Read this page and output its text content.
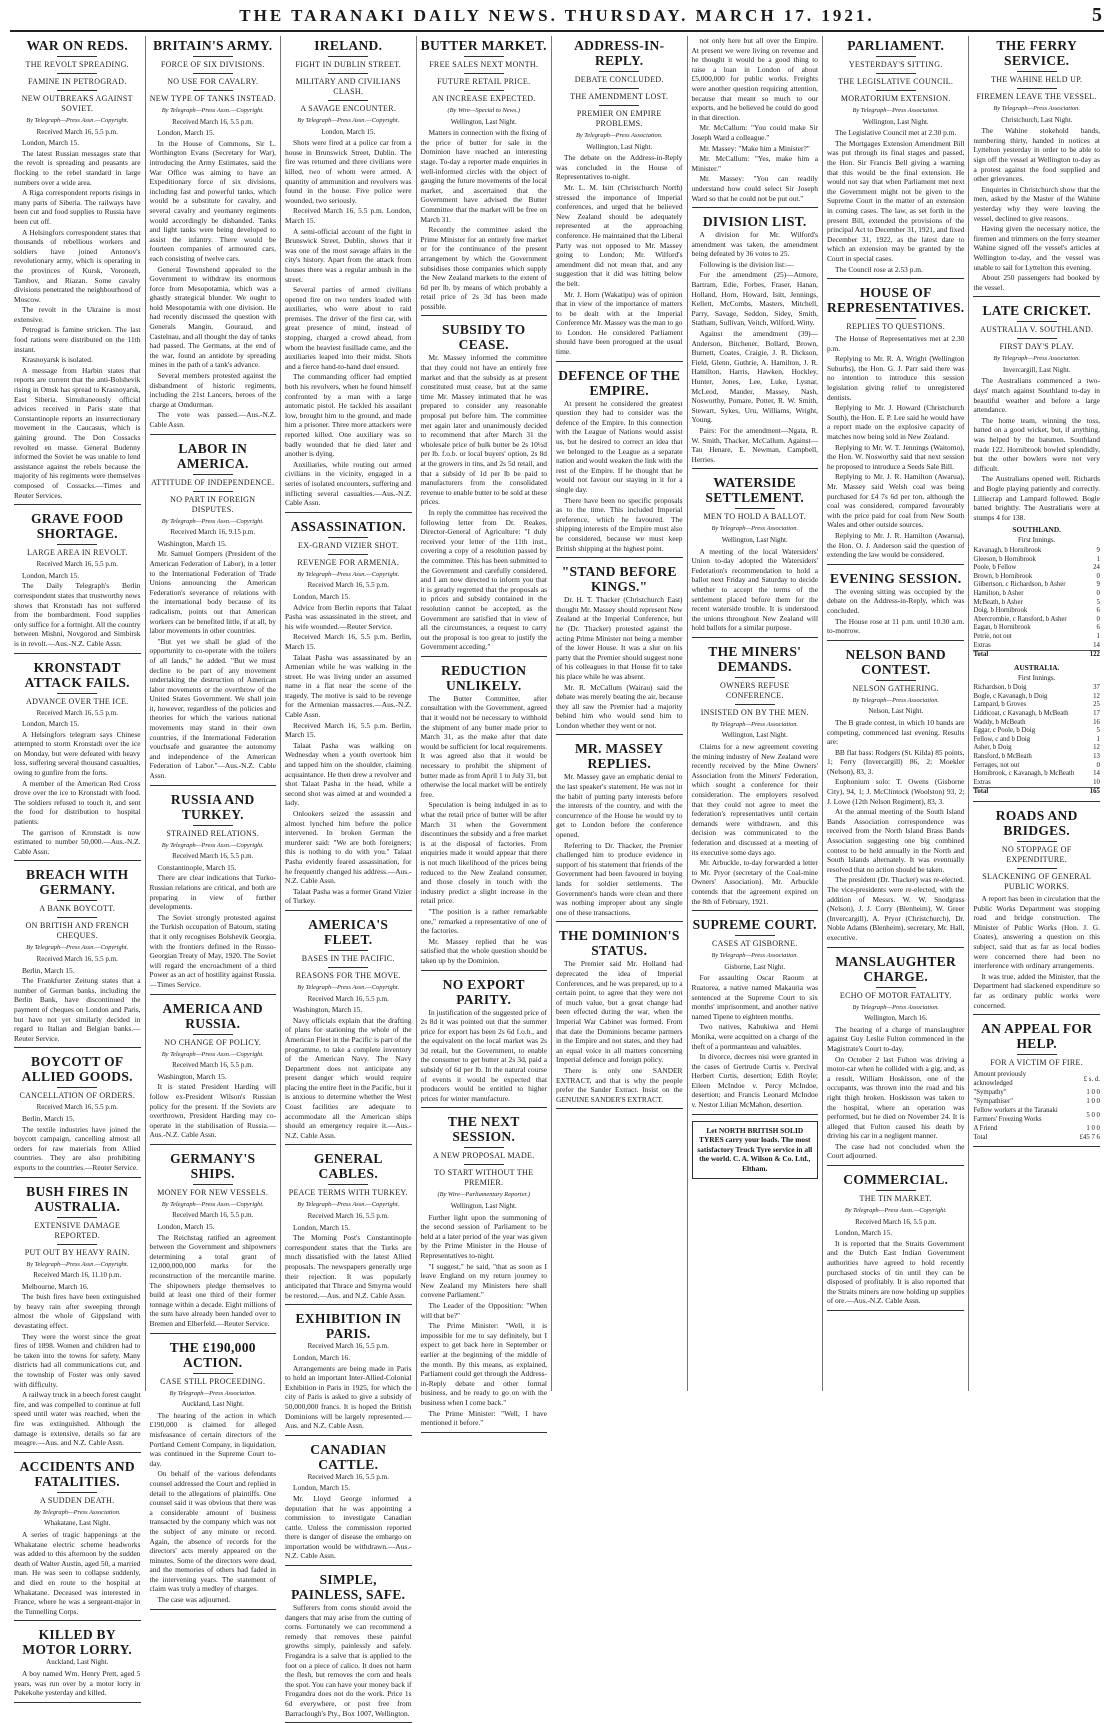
THE TARANAKI DAILY NEWS. THURSDAY. MARCH 17. 1921.	5
WAR ON REDS.
THE REVOLT SPREADING.
FAMINE IN PETROGRAD.
NEW OUTBREAKS AGAINST SOVIET.
By Telegraph—Press Assn.—Copyright.
Received March 16, 5.5 p.m.

London, March 15.

The latest Russian messages state that the revolt is spreading and peasants are flocking to the rebel standard in large numbers over a wide area.

A Riga correspondent reports risings in many parts of Siberia. The railways have been cut and food supplies to Russia have been cut off.

A Helsingfors correspondent states that thousands of rebellious workers and soldiers have joined Antonov's revolutionary army, which is operating in the provinces of Kursk, Voronezh, Tambov, and Riazan. Some cavalry divisions penetrated the neighbourhood of Moscow.

The revolt in the Ukraine is most extensive.

Petrograd is famine stricken. The last food rations were distributed on the 11th instant.

Krasnoyarsk is isolated.

A message from Harbin states that reports are current that the anti-Bolshevik rising in Omsk has spread to Krasnoyarsk, East Siberia. Simultaneously official advices received in Paris state that Constantinople reports an insurrectionary movement in the Caucasus, which is gaining ground. The Don Cossacks revolted en masse. General Budenny informed the Soviet he was unable to lend assistance against the rebels because the majority of his regiments were themselves composed of Cossacks.—Times and Reuter Services.

GRAVE FOOD SHORTAGE.
LARGE AREA IN REVOLT.
Received March 16, 5.5 p.m.

London, March 15.

The Daily Telegraph's Berlin correspondent states that trustworthy news shows that Kronstadt has not suffered from the bombardment. Food supplies only suffice for a fortnight. All the country between Mishni, Novgorod and Simbirsk is in revolt.—Aus.-N.Z. Cable Assn.

KRONSTADT ATTACK FAILS.
ADVANCE OVER THE ICE.
Received March 16, 5.5 p.m.

London, March 15.

A Helsingfors telegram says Chinese attempted to storm Kronstadt over the ice on Monday, but were defeated with heavy loss, suffering several thousand casualties, owing to gunfire from the forts.

A member of the American Red Cross drove over the ice to Kronstadt with food. The soldiers refused to touch it, and sent the food for distribution to hospital patients.

The garrison of Kronstadt is now estimated to number 50,000.—Aus.-N.Z. Cable Assn.

BREACH WITH GERMANY.
A BANK BOYCOTT.
ON BRITISH AND FRENCH CHEQUES.
By Telegraph—Press Assn.—Copyright.
Received March 16, 5.5 p.m.

Berlin, March 15.

The Frankfurter Zeitung states that a number of German banks, including the Berlin Bank, have discontinued the payment of cheques on London and Paris, but have not yet similarly decided in regard to Italian and Belgian banks.—Reuter Service.

BOYCOTT OF ALLIED GOODS.
CANCELLATION OF ORDERS.
Received March 16, 5.5 p.m.

Berlin, March 15.

The textile industries have joined the boycott campaign, cancelling almost all orders for raw materials from Allied countries. They are also prohibiting exports to the countries.—Reuter Service.

BUSH FIRES IN AUSTRALIA.
EXTENSIVE DAMAGE REPORTED.
PUT OUT BY HEAVY RAIN.
By Telegraph—Press Assn.—Copyright.
Received March 16, 11.10 p.m.

Melbourne, March 16.

The bush fires have been extinguished by heavy rain after sweeping through almost the whole of Gippsland with devastating effect.

They were the worst since the great fires of 1898. Women and children had to be taken into the towns for safety. Many districts had all communications cut, and the township of Foster was only saved with difficulty.

A railway truck in a beech forest caught fire, and was compelled to continue at full speed until water was reached, when the fire was extinguished. Although the damage is extensive, details so far are meagre.—Aus. and N.Z. Cable Assn.

ACCIDENTS AND FATALITIES.
A SUDDEN DEATH.
By Telegraph—Press Association.
Whakatane, Last Night.

A series of tragic happenings at the Whakatane electric scheme headworks was added to this afternoon by the sudden death of Walter Austin, aged 50, a married man. He was seen to collapse suddenly, and died en route to the hospital at Whakatane. Deceased was interested in France, where he was a sergeant-major in the Tunnelling Corps.

KILLED BY MOTOR LORRY.
Auckland, Last Night.

A boy named Wm. Henry Prett, aged 5 years, was run over by a motor lorry in Pukekohe yesterday and killed.

BRITAIN'S ARMY.
FORCE OF SIX DIVISIONS.
NO USE FOR CAVALRY.
NEW TYPE OF TANKS INSTEAD.
By Telegraph—Press Assn.—Copyright.
Received March 16, 5.5 p.m.

London, March 15.

In the House of Commons, Sir L. Worthington Evans (Secretary for War), introducing the Army Estimates, said the War Office was aiming to have an Expeditionary force of six divisions, including fast and powerful tanks, which would be a substitute for cavalry, and several cavalry and yeomanry regiments would accordingly be disbanded. Tanks and light tanks were being developed to assist the infantry. There would be fourteen companies of armoured cars, each consisting of twelve cars.

General Townshend appealed to the Government to withdraw its enormous force from Mesopotamia, which was a ghastly strategical blunder. We ought to hold Mesopotamia with one division. He had recently discussed the question with Generals Mangin, Gouraud, and Castelnau, and all thought the day of tanks had passed. The Germans, at the end of the war, found an antidote by spreading mines in the path of a tank's advance.

Several members protested against the disbandment of historic regiments, including the 21st Lancers, heroes of the charge at Omdurman.

The vote was passed.—Aus.-N.Z. Cable Assn.

LABOR IN AMERICA.
ATTITUDE OF INDEPENDENCE.
NO PART IN FOREIGN DISPUTES.
By Telegraph—Press Assn.—Copyright.
Received March 16, 9.15 p.m.

Washington, March 15.

Mr. Samuel Gompers (President of the American Federation of Labor), in a letter to the International Federation of Trade Unions announcing the American Federation's severance of relations with the international body because of its radicalism, points out that American workers can be benefited little, if at all, by labor movements in other countries.

"But yet we shall be glad of the opportunity to co-operate with the toilers of all lands," he added. "But we must decline to be part of any movement undertaking the destruction of American labor movements or the overthrow of the United States Government. We shall join it, however, regardless of the policies and theories for which the various national movements may stand in their own countries, if the International Federation vouchsafe and guarantee the autonomy and independence of the American Federation of Labor."—Aus.-N.Z. Cable Assn.

RUSSIA AND TURKEY.
STRAINED RELATIONS.
By Telegraph—Press Assn.—Copyright.
Received March 16, 5.5 p.m.

Constantinople, March 15.

There are clear indications that Turko-Russian relations are critical, and both are preparing in view of further developments.

The Soviet strongly protested against the Turkish occupation of Batoum, stating that it only recognises Bolshevik Georgia, with the frontiers defined in the Russo-Georgian Treaty of May, 1920. The Soviet will regard the encroachment of a third Power as an act of hostility against Russia.—Times Service.

AMERICA AND RUSSIA.
NO CHANGE OF POLICY.
By Telegraph—Press Assn.—Copyright.
Received March 16, 5.5 p.m.

Washington, March 15.

It is stated President Harding will follow ex-President Wilson's Russian policy for the present. If the Soviets are overthrown, President Harding may co-operate in the stabilisation of Russia.—Aus.-N.Z. Cable Assn.

GERMANY'S SHIPS.
MONEY FOR NEW VESSELS.
By Telegraph—Press Assn.—Copyright.
Received March 16, 5.5 p.m.

London, March 15.

The Reichstag ratified an agreement between the Government and shipowners determining a total grant of 12,000,000,000 marks for the reconstruction of the mercantile marine. The shipowners pledge themselves to build at least one third of their former tonnage within a decade. Eight millions of the sum have already been handed over to Bremen and Elberfeld.—Reuter Service.

THE £190,000 ACTION.
CASE STILL PROCEEDING.
By Telegraph—Press Association.
Auckland, Last Night.

The hearing of the action in which £190,000 is claimed for alleged misfeasance of certain directors of the Portland Cement Company, in liquidation, was continued in the Supreme Court to-day.

On behalf of the various defendants counsel addressed the Court and replied in detail to the allegations of plaintiffs. One counsel said it was obvious that there was a considerable amount of business transacted by the company which was not the subject of any minute or record. Again, the absence of records for the directors' acts merely appeared on the minutes. Some of the directors were dead, and the memories of others had faded in the intervening years. The statement of claim was truly a medley of charges.

The case was adjourned.

IRELAND.
FIGHT IN DUBLIN STREET.
MILITARY AND CIVILIANS CLASH.
A SAVAGE ENCOUNTER.
By Telegraph—Press Assn.—Copyright.
London, March 15.

Shots were fired at a police car from a house in Brunswick Street, Dublin. The fire was returned and three civilians were killed, two of whom were armed. A quantity of ammunition and revolvers was found in the house. Five police were wounded, two seriously.

Received March 16, 5.5 p.m. London, March 15.

A semi-official account of the fight in Brunswick Street, Dublin, shows that it was one of the most savage affairs in the city's history. Apart from the attack from houses there was a regular ambush in the street.

Several parties of armed civilians opened fire on two tenders loaded with auxiliaries, who were about to raid premises. The driver of the first car, with great presence of mind, instead of stopping, charged a crowd ahead, from whom the heaviest fusillade came, and the auxiliaries leaped into their midst. Shots and a fierce hand-to-hand duel ensued.

The commanding officer had emptied both his revolvers, when he found himself confronted by a man with a large automatic pistol. He tackled his assailant low, brought him to the ground, and made him a prisoner. Three more attackers were reported killed. One auxiliary was so badly wounded that he died later and another is dying.

Auxiliaries, while routing out armed civilians in the vicinity, engaged in a series of isolated encounters, suffering and inflicting several casualties.—Aus.-N.Z. Cable Assn.

ASSASSINATION.
EX-GRAND VIZIER SHOT.
REVENGE FOR ARMENIA.
By Telegraph—Press Assn.—Copyright.
Received March 16, 5.5 p.m.

London, March 15.

Advice from Berlin reports that Talaat Pasha was assassinated in the street, and his wife wounded.—Reuter Service.

Received March 16, 5.5 p.m. Berlin, March 15.

Talaat Pasha was assassinated by an Armenian while he was walking in the street. He was living under an assumed name in a flat near the scene of the tragedy. The motive is said to be revenge for the Armenian massacres.—Aus.-N.Z. Cable Assn.

Received March 16, 5.5 p.m. Berlin, March 15.

Talaat Pasha was walking on Wednesday when a youth overtook him and tapped him on the shoulder, claiming acquaintance. He then drew a revolver and shot Talaat Pasha in the head, while a second shot was aimed at and wounded a lady.

Onlookers seized the assassin and almost lynched him before the police intervened. In broken German the murderer said: "We are both foreigners; this is nothing to do with you." Talaat Pasha evidently feared assassination, for he frequently changed his address.—Aus.-N.Z. Cable Assn.

Talaat Pasha was a former Grand Vizier of Turkey.

AMERICA'S FLEET.
BASES IN THE PACIFIC.
REASONS FOR THE MOVE.
By Telegraph—Press Assn.—Copyright.
Received March 16, 5.5 p.m.

Washington, March 15.

Navy officials explain that the drafting of plans for stationing the whole of the American Fleet in the Pacific is part of the programme, to take a complete inventory of the American Navy. The Navy Department does not anticipate any present danger which would require placing the entire fleet in the Pacific, but it is anxious to determine whether the West Coast facilities are adequate to accommodate all the American ships should an emergency require it.—Aus.-N.Z. Cable Assn.

GENERAL CABLES.
PEACE TERMS WITH TURKEY.
By Telegraph—Press Assn.—Copyright.
Received March 16, 5.5 p.m.

London, March 15.

The Morning Post's Constantinople correspondent states that the Turks are much dissatisfied with the latest Allied proposals. The newspapers generally urge their rejection. It was popularly anticipated that Thrace and Smyrna would be restored.—Aus. and N.Z. Cable Assn.

EXHIBITION IN PARIS.
Received March 16, 5.5 p.m.

London, March 16.

Arrangements are being made in Paris to hold an important Inter-Allied-Colonial Exhibition in Paris in 1925, for which the city of Paris is asked to give a subsidy of 50,000,000 francs. It is hoped the British Dominions will be largely represented.—Aus. and N.Z. Cable Assn.

CANADIAN CATTLE.
Received March 16, 5.5 p.m.

London, March 15.

Mr. Lloyd George informed a deputation that he was appointing a commission to investigate Canadian cattle. Unless the commission reported there is danger of disease the embargo on importation would be withdrawn.—Aus.-N.Z. Cable Assn.

SIMPLE, PAINLESS, SAFE.

Sufferers from corns should avoid the dangers that may arise from the cutting of corns. Fortunately we can recommend a remedy that removes these painful growths simply, painlessly and safely. Frogandra is a salve that is applied to the foot on a piece of calico. It does not harm the flesh, but removes the corn and heals the spot. You can have your money back if Frogandra does not do the work. Price 1s 6d everywhere, or post free from Barraclough's Pty., Box 1007, Wellington.

BUTTER MARKET.
FREE SALES NEXT MONTH.
FUTURE RETAIL PRICE.
AN INCREASE EXPECTED.
(By Wire—Special to News.)
Wellington, Last Night.

Matters in connection with the fixing of the price of butter for sale in the Dominion have reached an interesting stage. To-day a reporter made enquiries in well-informed circles with the object of gauging the future movements of the local market, and ascertained that the Government have advised the Butter Committee that the market will be free on March 31.

Recently the committee asked the Prime Minister for an entirely free market or for the continuance of the present arrangement by which the Government subsidises those companies which supply the New Zealand markets to the extent of 6d per lb. by means of which probably a retail price of 2s 3d has been made possible.

SUBSIDY TO CEASE.

Mr. Massey informed the committee that they could not have an entirely free market and that the subsidy as at present constituted must cease, but at the same time Mr. Massey intimated that he was prepared to consider any reasonable proposal put before him. The committee met again later and unanimously decided to recommend that after March 31 the wholesale price of bulk butter be 2s 10½d per lb. f.o.b. or local buyers' option, 2s 8d at the growers in tins, and 2s 5d retail, and that a subsidy of 1d per lb be paid to manufacturers from the consolidated revenue to enable butter to be sold at these prices.

In reply the committee has received the following letter from Dr. Reakes, Director-General of Agriculture: "I duly received your letter of the 11th inst., covering a copy of a resolution passed by the committee. This has been submitted to the Government and carefully considered, and I am now directed to inform you that it is greatly regretted that the proposals as to prices and subsidy contained in the resolution cannot be accepted, as the Government are satisfied that in view of all the circumstances, a request to carry out the proposal is too great to justify the Government acceding."

REDUCTION UNLIKELY.

The Butter Committee, after consultation with the Government, agreed that it would not be necessary to withhold the shipment of any butter made prior to March 31, as the make after that date would be sufficient for local requirements. It was agreed also that it would be necessary to prohibit the shipment of butter made as from April 1 to July 31, but otherwise the local market will be entirely free.

Speculation is being indulged in as to what the retail price of butter will be after March 31 when the Government discontinues the subsidy and a free market is at the disposal of factories. From enquiries made it would appear that there is not much likelihood of the prices being reduced to the New Zealand consumer, and those closely in touch with the industry predict a slight increase in the retail price.

"The position is a rather remarkable one," remarked a representative of one of the factories.

Mr. Massey replied that he was satisfied that the whole question should be taken up by the Dominion.

NO EXPORT PARITY.

In justification of the suggested price of 2s 8d it was pointed out that the summer price for export has been 2s 6d f.o.b., and the equivalent on the local market was 2s 3d retail, but the Government, to enable the consumer to get butter at 2s 3d, paid a subsidy of 6d per lb. In the natural course of events it would be expected that producers would be entitled to higher prices for winter manufacture.

THE NEXT SESSION.
A NEW PROPOSAL MADE.
TO START WITHOUT THE PREMIER.
(By Wire—Parliamentary Reporter.)
Wellington, Last Night.

Further light upon the summoning of the second session of Parliament to be held at a later period of the year was given by the Prime Minister in the House of Representatives to-night.

"I suggest," he said, "that as soon as I leave England on my return journey to New Zealand my Ministers here shall convene Parliament."

The Leader of the Opposition: "When will that be?"

The Prime Minister: "Well, it is impossible for me to say definitely, but I expect to get back here in September or earlier at the beginning of the middle of the month. By this means, as explained, Parliament could get through the Address-in-Reply debate and other formal business, and be ready to go on with the business when I come back."

The Prime Minister: "Well, I have mentioned it before."

ADDRESS-IN-REPLY.
DEBATE CONCLUDED.
THE AMENDMENT LOST.
PREMIER ON EMPIRE PROBLEMS.
By Telegraph—Press Association.
Wellington, Last Night.

The debate on the Address-in-Reply was concluded in the House of Representatives to-night.

Mr. L. M. Isitt (Christchurch North) stressed the importance of Imperial conferences, and urged that he believed New Zealand should be adequately represented at the approaching conference. He maintained that the Liberal Party was not opposed to Mr. Massey going to London; Mr. Wilford's amendment did not mean that, and any suggestion that it did was hitting below the belt.

Mr. J. Horn (Wakatipu) was of opinion that in view of the importance of matters to be dealt with at the Imperial Conference Mr. Massey was the man to go to London. He considered Parliament should have been prorogued at the usual time.

DEFENCE OF THE EMPIRE.

At present he considered the greatest question they had to consider was the defence of the Empire. In this connection with the League of Nations would assist us, but he desired to correct an idea that we belonged to the League as a separate nation and would weaken the link with the rest of the Empire. If he thought that he would not favour our staying in it for a single day.

There have been no specific proposals as to the time. This included Imperial preference, which he favoured. The shipping interests of the Empire must also be considered, because we must keep British shipping at the highest point.

"STAND BEFORE KINGS."

Dr. H. T. Thacker (Christchurch East) thought Mr. Massey should represent New Zealand at the Imperial Conference, but he (Dr. Thacker) protested against the acting Prime Minister not being a member of the lower House. It was a slur on his party that the Premier should suggest none of his colleagues in that House fit to take his place while he was absent.

Mr. R. McCallum (Wairau) said the debate was merely beating the air, because they all saw the Premier had a majority behind him who would send him to London whether they went or not.

MR. MASSEY REPLIES.

Mr. Massey gave an emphatic denial to the last speaker's statement. He was not in the habit of putting party interests before the interests of the country, and with the concurrence of the House he would try to get to London before the conference opened.

Referring to Dr. Thacker, the Premier challenged him to produce evidence in support of his statement that friends of the Government had been favoured in buying lands for soldier settlements. The Government's hands were clean and there was nothing improper about any single one of these transactions.

THE DOMINION'S STATUS.

The Premier said Mr. Holland had deprecated the idea of Imperial Conferences, and he was prepared, up to a certain point, to agree that they were not of much value, but a great change had been effected during the war, when the Imperial War Cabinet was formed. From that date the Dominions became partners in the Empire and not states, and they had an equal voice in all matters concerning Imperial defence and foreign policy.

There is only one SANDER EXTRACT, and that is why the people prefer the Sander Extract. Insist on the GENUINE SANDER'S EXTRACT.

not only here but all over the Empire. At present we were living on revenue and he thought it would be a good thing to raise a loan in London of about £5,000,000 for public works. Freights were another question requiring attention, because that meant so much to our exports, and he believed he could do good in that direction.

Mr. McCallum: "You could make Sir Joseph Ward a colleague."

Mr. Massey: "Make him a Minister?"

Mr. McCallum: "Yes, make him a Minister."

Mr. Massey: "You can readily understand how could select Sir Joseph Ward so that he could not be put out."

DIVISION LIST.

A division for Mr. Wilford's amendment was taken, the amendment being defeated by 36 votes to 25.

Following is the division list:—

For the amendment (25)—Atmore, Bartram, Edie, Forbes, Fraser, Hanan, Holland, Horn, Howard, Isitt, Jennings, Kellett, McCombs, Masters, Mitchell, Parry, Savage, Seddon, Sidey, Smith, Statham, Sullivan, Veitch, Wilford, Witty.

Against the amendment (39)—Anderson, Bitchener, Bollard, Brown, Burnett, Coates, Craigie, J. R. Dickson, Field, Glenn, Guthrie, A. Hamilton, J. R. Hamilton, Harris, Hawken, Hockley, Hunter, Jones, Lee, Luke, Lysnar, McLeod, Mander, Massey, Nash, Nosworthy, Pomare, Potter, R. W. Smith, Stewart, Sykes, Uru, Williams, Wright, Young.

Pairs: For the amendment—Ngata, R. W. Smith, Thacker, McCallum. Against—Tau Henare, E. Newman, Campbell, Herries.

WATERSIDE SETTLEMENT.
MEN TO HOLD A BALLOT.
By Telegraph—Press Association.
Wellington, Last Night.

A meeting of the local Watersiders' Union to-day adopted the Watersiders' Federation's recommendation to hold a ballot next Friday and Saturday to decide whether to accept the terms of the settlement placed before them for the recent waterside trouble. It is understood the unions throughout New Zealand will hold ballots for a similar purpose.

THE MINERS' DEMANDS.
OWNERS REFUSE CONFERENCE.
INSISTED ON BY THE MEN.
By Telegraph—Press Association.
Wellington, Last Night.

Claims for a new agreement covering the mining industry of New Zealand were recently received by the Mine Owners' Association from the Miners' Federation, which sought a conference for their consideration. The employers resolved that they could not agree to meet the federation's representatives until certain demands were withdrawn, and this decision was communicated to the federation and discussed at a meeting of its executive some days ago.

Mr. Arbuckle, to-day forwarded a letter to Mr. Pryor (secretary of the Coal-mine Owners' Association). Mr. Arbuckle contends that the agreement expired on the 8th of February, 1921.

SUPREME COURT.
CASES AT GISBORNE.
By Telegraph—Press Association.
Gisborne, Last Night.

For assaulting Oscar Raoum at Ruatorea, a native named Makauria was sentenced at the Supreme Court to six months' imprisonment, and another native named Tipene to eighteen months.

Two natives, Kahukiwa and Hemi Monika, were acquitted on a charge of the theft of a portmanteau and valuables.

In divorce, decrees nisi were granted in the cases of Gertrude Curtis v. Percival Herbert Curtis, desertion; Edith Royle; Eileen McIndoe v. Percy McIndoe, desertion; and Francis Leonard McIndoe v. Nestor Lilian McMahon, desertion.

Let NORTH BRITISH SOLID TYRES carry your loads. The most satisfactory Truck Tyre service in all the world. C. A. Wilson & Co. Ltd., Eltham.
PARLIAMENT.
YESTERDAY'S SITTING.
THE LEGISLATIVE COUNCIL.
MORATORIUM EXTENSION.
By Telegraph—Press Association.
Wellington, Last Night.

The Legislative Council met at 2.30 p.m.

The Mortgages Extension Amendment Bill was put through its final stages and passed, the Hon. Sir Francis Bell giving a warning that this would be the final extension. He would not say that when Parliament met next the Government might not be given to the Supreme Court in the matter of an extension in coming cases. The law, as set forth in the present Bill, extended the provisions of the principal Act to December 31, 1921, and fixed December 31, 1922, as the latest date to which an extension may be granted by the Court in special cases.

The Council rose at 2.53 p.m.

HOUSE OF REPRESENTATIVES.
REPLIES TO QUESTIONS.

The House of Representatives met at 2.30 p.m.

Replying to Mr. R. A. Wright (Wellington Suburbs), the Hon. G. J. Parr said there was no intention to introduce this session legislation giving relief to unregistered dentists.

Replying to Mr. J. Howard (Christchurch South), the Hon. E. P. Lee said he would have a report made on the explosive capacity of matches now being sold in New Zealand.

Replying to Mr. W. T. Jennings (Waitomo), the Hon. W. Nosworthy said that next session he proposed to introduce a Seeds Sale Bill.

Replying to Mr. J. R. Hamilton (Awarua), Mr. Massey said Welsh coal was being purchased for £4 7s 6d per ton, although the coal was considered, compared favourably with the price paid for coal from New South Wales and other outside sources.

Replying to Mr. J. R. Hamilton (Awarua), the Hon. O. J. Anderson said the question of extending the law would be considered.

EVENING SESSION.

The evening sitting was occupied by the debate on the Address-in-Reply, which was concluded.

The House rose at 11 p.m. until 10.30 a.m. to-morrow.

NELSON BAND CONTEST.
NELSON GATHERING.
By Telegraph—Press Association.
Nelson, Last Night.

The B grade contest, in which 10 bands are competing, commenced last evening. Results are:

BB flat bass: Rodgers (St. Kilda) 85 points, 1; Ferry (Invercargill) 86, 2; Moekler (Nelson), 83, 3.

Euphonium solo: T. Owens (Gisborne City), 94, 1; J. McClintock (Woolston) 93, 2; J. Lowe (12th Nelson Regiment), 83, 3.

At the annual meeting of the South Island Bands Association correspondence was received from the North Island Brass Bands Association suggesting one big combined contest to be held annually in the North and South Islands alternately. It was eventually resolved that no action should be taken.

The president (Dr. Thacker) was re-elected. The vice-presidents were re-elected, with the addition of Messrs. W. W. Snodgrass (Nelson), J. J. Corry (Blenheim), W. Greer (Invercargill), A. Pryor (Christchurch), Dr. Noble Adams (Blenheim), secretary, Mr. Hall, executive.

MANSLAUGHTER CHARGE.
ECHO OF MOTOR FATALITY.
By Telegraph—Press Association.
Wellington, March 16.

The hearing of a charge of manslaughter against Guy Leslie Fulton commenced in the Magistrate's Court to-day.

On October 2 last Fulton was driving a motor-car when he collided with a gig, and, as a result, William Hoskisson, one of the occupants, was thrown into the road and his right thigh broken. Hoskisson was taken to the hospital, where an operation was performed, but he died on November 24. It is alleged that Fulton caused his death by driving his car in a negligent manner.

The case had not concluded when the Court adjourned.

COMMERCIAL.
THE TIN MARKET.
By Telegraph—Press Assn.—Copyright.
Received March 16, 5.5 p.m.

London, March 15.

It is reported that the Straits Government and the Dutch East Indian Government authorities have agreed to hold recently purchased stocks of tin until they can be disposed of profitably. It is also reported that the Straits miners are now holding up supplies of ore.—Aus.-N.Z. Cable Assn.

THE FERRY SERVICE.
THE WAHINE HELD UP.
FIREMEN LEAVE THE VESSEL.
By Telegraph—Press Association.
Christchurch, Last Night.

The Wahine stokehold hands, numbering thirty, handed in notices at Lyttelton yesterday in order to be able to sign off the vessel at Wellington to-day as a protest against the food supplied and other grievances.

Enquiries in Christchurch show that the men, asked by the Master of the Wahine yesterday why they were leaving the vessel, declined to give reasons.

Having given the necessary notice, the firemen and trimmers on the ferry steamer Wahine signed off the vessel's articles at Wellington to-day, and the vessel was unable to sail for Lyttelton this evening.

About 250 passengers had booked by the vessel.

LATE CRICKET.
AUSTRALIA V. SOUTHLAND.
FIRST DAY'S PLAY.
By Telegraph—Press Association.
Invercargill, Last Night.

The Australians commenced a two-days' match against Southland to-day in beautiful weather and before a large attendance.

The home team, winning the toss, batted on a good wicket, but, if anything, was helped by the batsmen. Southland made 122. Hornibrook bowled splendidly, but the other bowlers were not very difficult.

The Australians opened well. Richards and Bogle playing patiently and correctly. Lilliecrap and Lampard followed. Bogle batted brightly. The Australians were at stumps 4 for 138.

SOUTHLAND.
First Innings.
Kavanagh, b Hornibrook	9
Gleeson, b Hornibrook	1
Poole, b Fellow	24
Brown, b Hornibrook	0
Gilbertson, c Richardson, b Asher	9
Hamilton, b Asher	0
McBeath, b Asher	5
Doig, b Hornibrook	6
Abercrombie, c Ransford, b Asher	0
Eagan, b Hornibrook	6
Petrie, not out	1
Extras	14
Total	122
AUSTRALIA.
First Innings.
Richardson, b Doig	37
Bogle, c Kavanagh, b Doig	12
Lampard, b Groves	25
Liddicoat, c Kavanagh, b McBeath	17
Waddy, b McBeath	16
Eggar, c Poole, b Doig	5
Fellow, c and b Doig	1
Asher, b Doig	12
Ransford, b McBeath	13
Ferrages, not out	0
Hornibrook, c Kavanagh, b McBeath	14
Extras	10
Total	165
ROADS AND BRIDGES.
NO STOPPAGE OF EXPENDITURE.
SLACKENING OF GENERAL PUBLIC WORKS.

A report has been in circulation that the Public Works Department was stopping road and bridge construction. The Minister of Public Works (Hon. J. G. Coates), answering a question on this subject, said that as far as local bodies were concerned there had been no interference with ordinary arrangements.

It was true, added the Minister, that the Department had slackened expenditure so far as ordinary public works were concerned.

AN APPEAL FOR HELP.
FOR A VICTIM OF FIRE.
Amount previously acknowledged	£ s. d.
"Sympathy"	1 0 0
"Sympathiser"	1 0 0
Fellow workers at the Taranaki Farmers' Freezing Works	5 0 0
A Friend	1 0 0
Total	£45 7 6
